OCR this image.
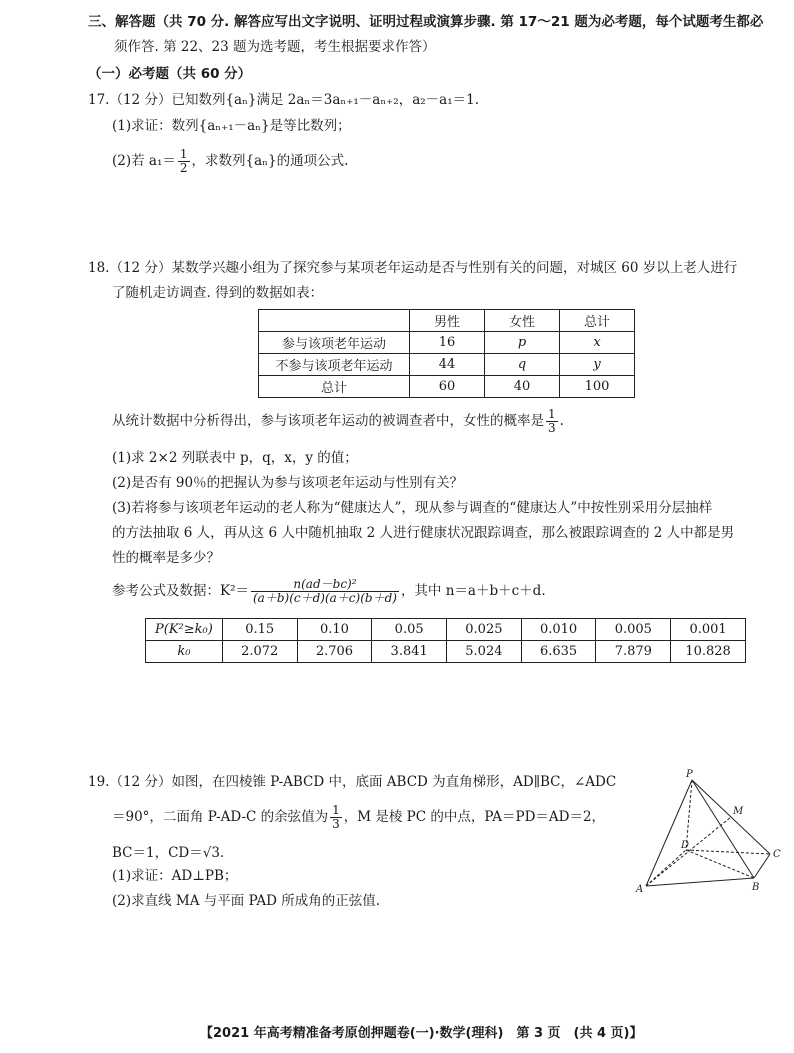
三、解答题（共 70 分. 解答应写出文字说明、证明过程或演算步骤. 第 17～21 题为必考题，每个试题考生都必
须作答. 第 22、23 题为选考题，考生根据要求作答）
（一）必考题（共 60 分）
17.（12 分）已知数列{aₙ}满足 2aₙ＝3aₙ₊₁－aₙ₊₂，a₂－a₁＝1.
(1)求证：数列{aₙ₊₁－aₙ}是等比数列；
(2)若 $a_1= \frac{1}{2}$ ，求数列{aₙ}的通项公式.
18.（12 分）某数学兴趣小组为了探究参与某项老年运动是否与性别有关的问题，对城区 60 岁以上老人进行
了随机走访调查. 得到的数据如表：
	男性	女性	总计
参与该项老年运动	16	p	x
不参与该项老年运动	44	q	y
总计	60	40	100
从统计数据中分析得出，参与该项老年运动的被调查者中，女性的概率是 $\frac{1}{3}$ .
(1)求 2×2 列联表中 p，q，x，y 的值；
(2)是否有 90％的把握认为参与该项老年运动与性别有关？
(3)若将参与该项老年运动的老人称为“健康达人”，现从参与调查的“健康达人”中按性别采用分层抽样
的方法抽取 6 人，再从这 6 人中随机抽取 2 人进行健康状况跟踪调查，那么被跟踪调查的 2 人中都是男
性的概率是多少？
参考公式及数据：$K^2= \frac{\text{n(ad－bc)²}}{(a+b)(c+d)(a+c)(b+d)}$ ，其中 n＝a＋b＋c＋d.
P(K²≥k₀)	0.15	0.10	0.05	0.025	0.010	0.005	0.001
k₀	2.072	2.706	3.841	5.024	6.635	7.879	10.828
19.（12 分）如图，在四棱锥 P-ABCD 中，底面 ABCD 为直角梯形，AD∥BC，∠ADC
＝90°，二面角 P-AD-C 的余弦值为 $\frac{1}{3}$ ，M 是棱 PC 的中点，PA＝PD＝AD＝2，
BC＝1，CD＝√3.
(1)求证：AD⊥PB；
(2)求直线 MA 与平面 PAD 所成角的正弦值.
P
M
D
C
A	B
【2021 年高考精准备考原创押题卷(一)·数学(理科)　第 3 页　(共 4 页)】
